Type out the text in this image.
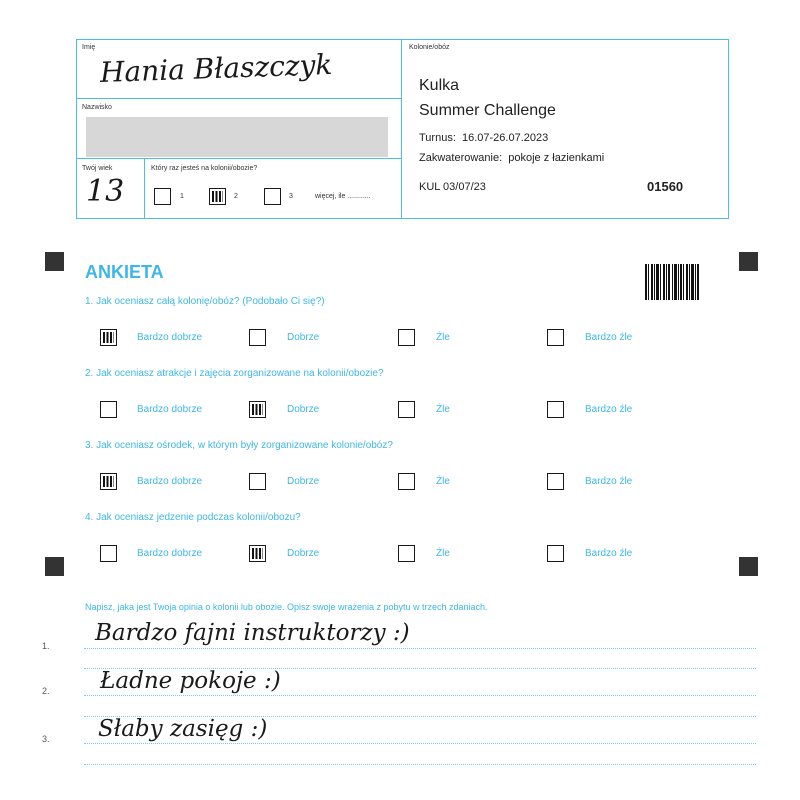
Imię
Hania Błaszczyk
Nazwisko
Twój wiek
13
Który raz jesteś na kolonii/obozie?
1	2	3	więcej, ile ............
Kolonie/obóz
Kulka
Summer Challenge
Turnus:  16.07-26.07.2023
Zakwaterowanie:  pokoje z łazienkami
KUL 03/07/23	01560
ANKIETA
1. Jak oceniasz całą kolonię/obóz? (Podobało Ci się?)
Bardzo dobrze	Dobrze	Źle	Bardzo źle
2. Jak oceniasz atrakcje i zajęcia zorganizowane na kolonii/obozie?
Bardzo dobrze	Dobrze	Źle	Bardzo źle
3. Jak oceniasz ośrodek, w którym były zorganizowane kolonie/obóz?
Bardzo dobrze	Dobrze	Źle	Bardzo źle
4. Jak oceniasz jedzenie podczas kolonii/obozu?
Bardzo dobrze	Dobrze	Źle	Bardzo źle
Napisz, jaka jest Twoja opinia o kolonii lub obozie. Opisz swoje wrażenia z pobytu w trzech zdaniach.
1.
2.
3.
Bardzo fajni instruktorzy :)
Ładne pokoje :)
Słaby zasięg :)
